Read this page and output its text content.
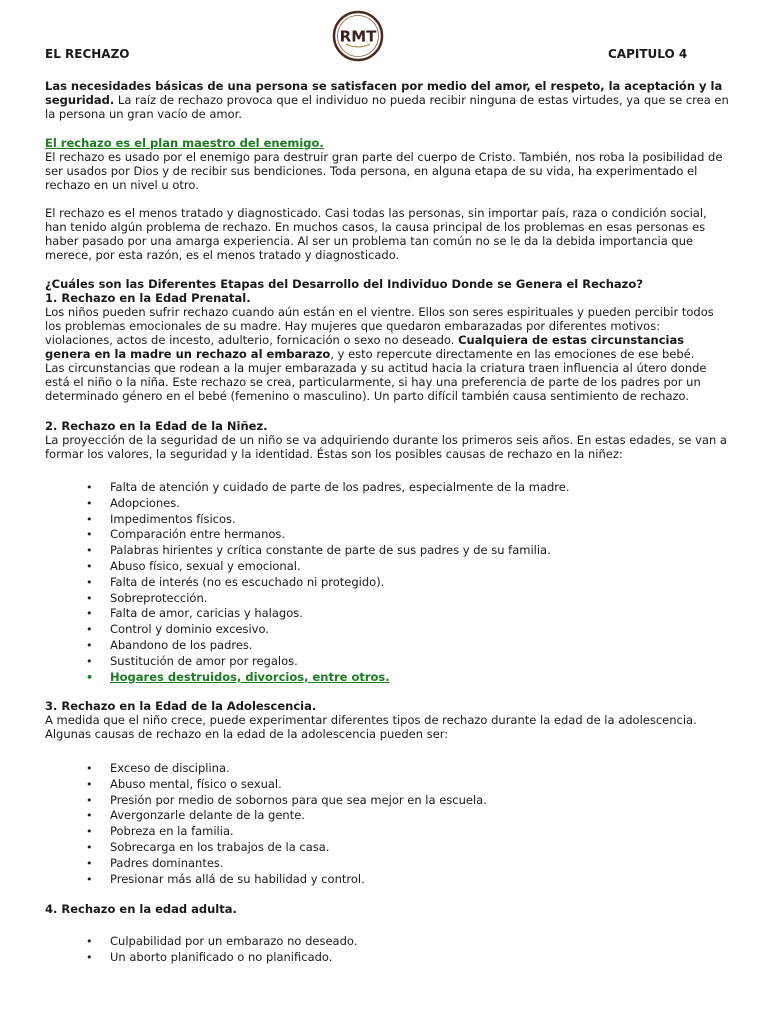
EL RECHAZO	CAPITULO 4
RMT

Las necesidades básicas de una persona se satisfacen por medio del amor, el respeto, la aceptación y la seguridad. La raíz de rechazo provoca que el individuo no pueda recibir ninguna de estas virtudes, ya que se crea en la persona un gran vacío de amor.

El rechazo es el plan maestro del enemigo.

El rechazo es usado por el enemigo para destruir gran parte del cuerpo de Cristo. También, nos roba la posibilidad de ser usados por Dios y de recibir sus bendiciones. Toda persona, en alguna etapa de su vida, ha experimentado el rechazo en un nivel u otro.

El rechazo es el menos tratado y diagnosticado. Casi todas las personas, sin importar país, raza o condición social, han tenido algún problema de rechazo. En muchos casos, la causa principal de los problemas en esas personas es haber pasado por una amarga experiencia. Al ser un problema tan común no se le da la debida importancia que merece, por esta razón, es el menos tratado y diagnosticado.

¿Cuáles son las Diferentes Etapas del Desarrollo del Individuo Donde se Genera el Rechazo?

1. Rechazo en la Edad Prenatal.

Los niños pueden sufrir rechazo cuando aún están en el vientre. Ellos son seres espirituales y pueden percibir todos los problemas emocionales de su madre. Hay mujeres que quedaron embarazadas por diferentes motivos: violaciones, actos de incesto, adulterio, fornicación o sexo no deseado. Cualquiera de estas circunstancias genera en la madre un rechazo al embarazo, y esto repercute directamente en las emociones de ese bebé.

Las circunstancias que rodean a la mujer embarazada y su actitud hacia la criatura traen influencia al útero donde está el niño o la niña. Este rechazo se crea, particularmente, si hay una preferencia de parte de los padres por un determinado género en el bebé (femenino o masculino). Un parto difícil también causa sentimiento de rechazo.

2. Rechazo en la Edad de la Niñez.

La proyección de la seguridad de un niño se va adquiriendo durante los primeros seis años. En estas edades, se van a formar los valores, la seguridad y la identidad. Éstas son los posibles causas de rechazo en la niñez:

• Falta de atención y cuidado de parte de los padres, especialmente de la madre.
• Adopciones.
• Impedimentos físicos.
• Comparación entre hermanos.
• Palabras hirientes y crítica constante de parte de sus padres y de su familia.
• Abuso físico, sexual y emocional.
• Falta de interés (no es escuchado ni protegido).
• Sobreprotección.
• Falta de amor, caricias y halagos.
• Control y dominio excesivo.
• Abandono de los padres.
• Sustitución de amor por regalos.
• Hogares destruidos, divorcios, entre otros.

3. Rechazo en la Edad de la Adolescencia.

A medida que el niño crece, puede experimentar diferentes tipos de rechazo durante la edad de la adolescencia. Algunas causas de rechazo en la edad de la adolescencia pueden ser:

• Exceso de disciplina.
• Abuso mental, físico o sexual.
• Presión por medio de sobornos para que sea mejor en la escuela.
• Avergonzarle delante de la gente.
• Pobreza en la familia.
• Sobrecarga en los trabajos de la casa.
• Padres dominantes.
• Presionar más allá de su habilidad y control.

4. Rechazo en la edad adulta.

• Culpabilidad por un embarazo no deseado.
• Un aborto planificado o no planificado.
